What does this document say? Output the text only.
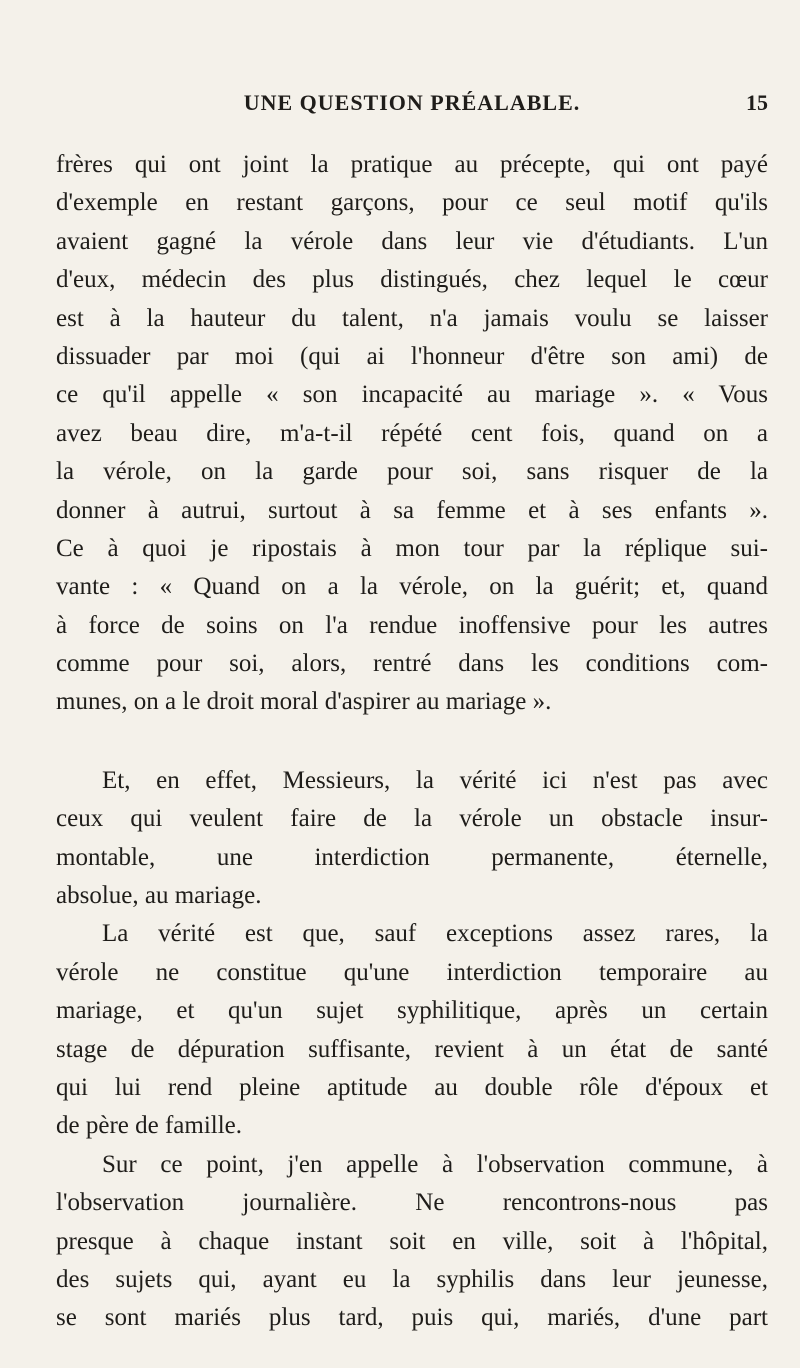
UNE QUESTION PRÉALABLE.	15
frères qui ont joint la pratique au précepte, qui ont payé
d'exemple en restant garçons, pour ce seul motif qu'ils
avaient gagné la vérole dans leur vie d'étudiants. L'un
d'eux, médecin des plus distingués, chez lequel le cœur
est à la hauteur du talent, n'a jamais voulu se laisser
dissuader par moi (qui ai l'honneur d'être son ami) de
ce qu'il appelle « son incapacité au mariage ». « Vous
avez beau dire, m'a-t-il répété cent fois, quand on a
la vérole, on la garde pour soi, sans risquer de la
donner à autrui, surtout à sa femme et à ses enfants ».
Ce à quoi je ripostais à mon tour par la réplique sui-
vante : « Quand on a la vérole, on la guérit; et, quand
à force de soins on l'a rendue inoffensive pour les autres
comme pour soi, alors, rentré dans les conditions com-
munes, on a le droit moral d'aspirer au mariage ».
Et, en effet, Messieurs, la vérité ici n'est pas avec
ceux qui veulent faire de la vérole un obstacle insur-
montable, une interdiction permanente, éternelle,
absolue, au mariage.
La vérité est que, sauf exceptions assez rares, la
vérole ne constitue qu'une interdiction temporaire au
mariage, et qu'un sujet syphilitique, après un certain
stage de dépuration suffisante, revient à un état de santé
qui lui rend pleine aptitude au double rôle d'époux et
de père de famille.
Sur ce point, j'en appelle à l'observation commune, à
l'observation journalière. Ne rencontrons-nous pas
presque à chaque instant soit en ville, soit à l'hôpital,
des sujets qui, ayant eu la syphilis dans leur jeunesse,
se sont mariés plus tard, puis qui, mariés, d'une part
